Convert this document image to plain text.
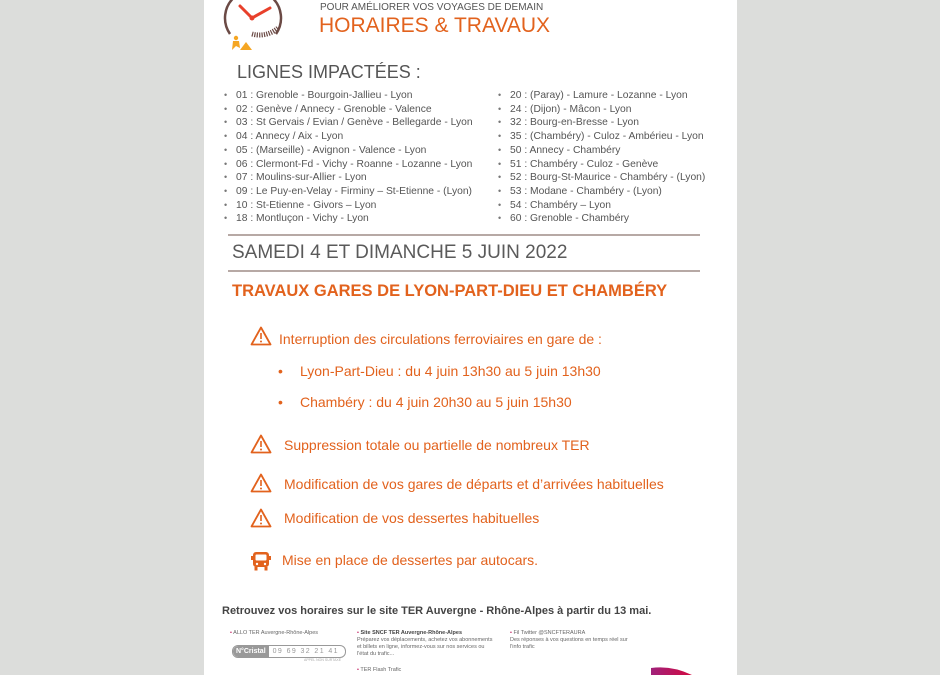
POUR AMÉLIORER VOS VOYAGES DE DEMAIN
HORAIRES & TRAVAUX
LIGNES IMPACTÉES :
• 01 : Grenoble - Bourgoin-Jallieu - Lyon
• 02 : Genève / Annecy - Grenoble - Valence
• 03 : St Gervais / Evian / Genève - Bellegarde - Lyon
• 04 : Annecy / Aix - Lyon
• 05 : (Marseille) - Avignon - Valence - Lyon
• 06 : Clermont-Fd - Vichy - Roanne - Lozanne - Lyon
• 07 : Moulins-sur-Allier - Lyon
• 09 : Le Puy-en-Velay - Firminy – St-Etienne - (Lyon)
• 10 : St-Etienne - Givors – Lyon
• 18 : Montluçon - Vichy - Lyon
• 20 : (Paray) - Lamure - Lozanne - Lyon
• 24 : (Dijon) - Mâcon - Lyon
• 32 : Bourg-en-Bresse - Lyon
• 35 : (Chambéry) - Culoz - Ambérieu - Lyon
• 50 : Annecy - Chambéry
• 51 : Chambéry - Culoz - Genève
• 52 : Bourg-St-Maurice - Chambéry - (Lyon)
• 53 : Modane - Chambéry - (Lyon)
• 54 : Chambéry – Lyon
• 60 : Grenoble - Chambéry
SAMEDI 4 ET DIMANCHE 5 JUIN 2022
TRAVAUX GARES DE LYON-PART-DIEU ET CHAMBÉRY
Interruption des circulations ferroviaires en gare de :
• Lyon-Part-Dieu : du 4 juin 13h30 au 5 juin 13h30
• Chambéry : du 4 juin 20h30 au 5 juin 15h30
Suppression totale ou partielle de nombreux TER
Modification de vos gares de départs et d’arrivées habituelles
Modification de vos dessertes habituelles
Mise en place de dessertes par autocars.
Retrouvez vos horaires sur le site TER Auvergne - Rhône-Alpes à partir du 13 mai.
• ALLO TER Auvergne-Rhône-Alpes
N°Cristal	09 69 32 21 41
APPEL NON SURTAXÉ
• Site SNCF TER Auvergne-Rhône-Alpes
Préparez vos déplacements, achetez vos abonnements et billets en ligne, informez-vous sur nos services ou l'état du trafic...
• TER Flash Trafic
• Fil Twitter @SNCFTERAURA
Des réponses à vos questions en temps réel sur l'info trafic
